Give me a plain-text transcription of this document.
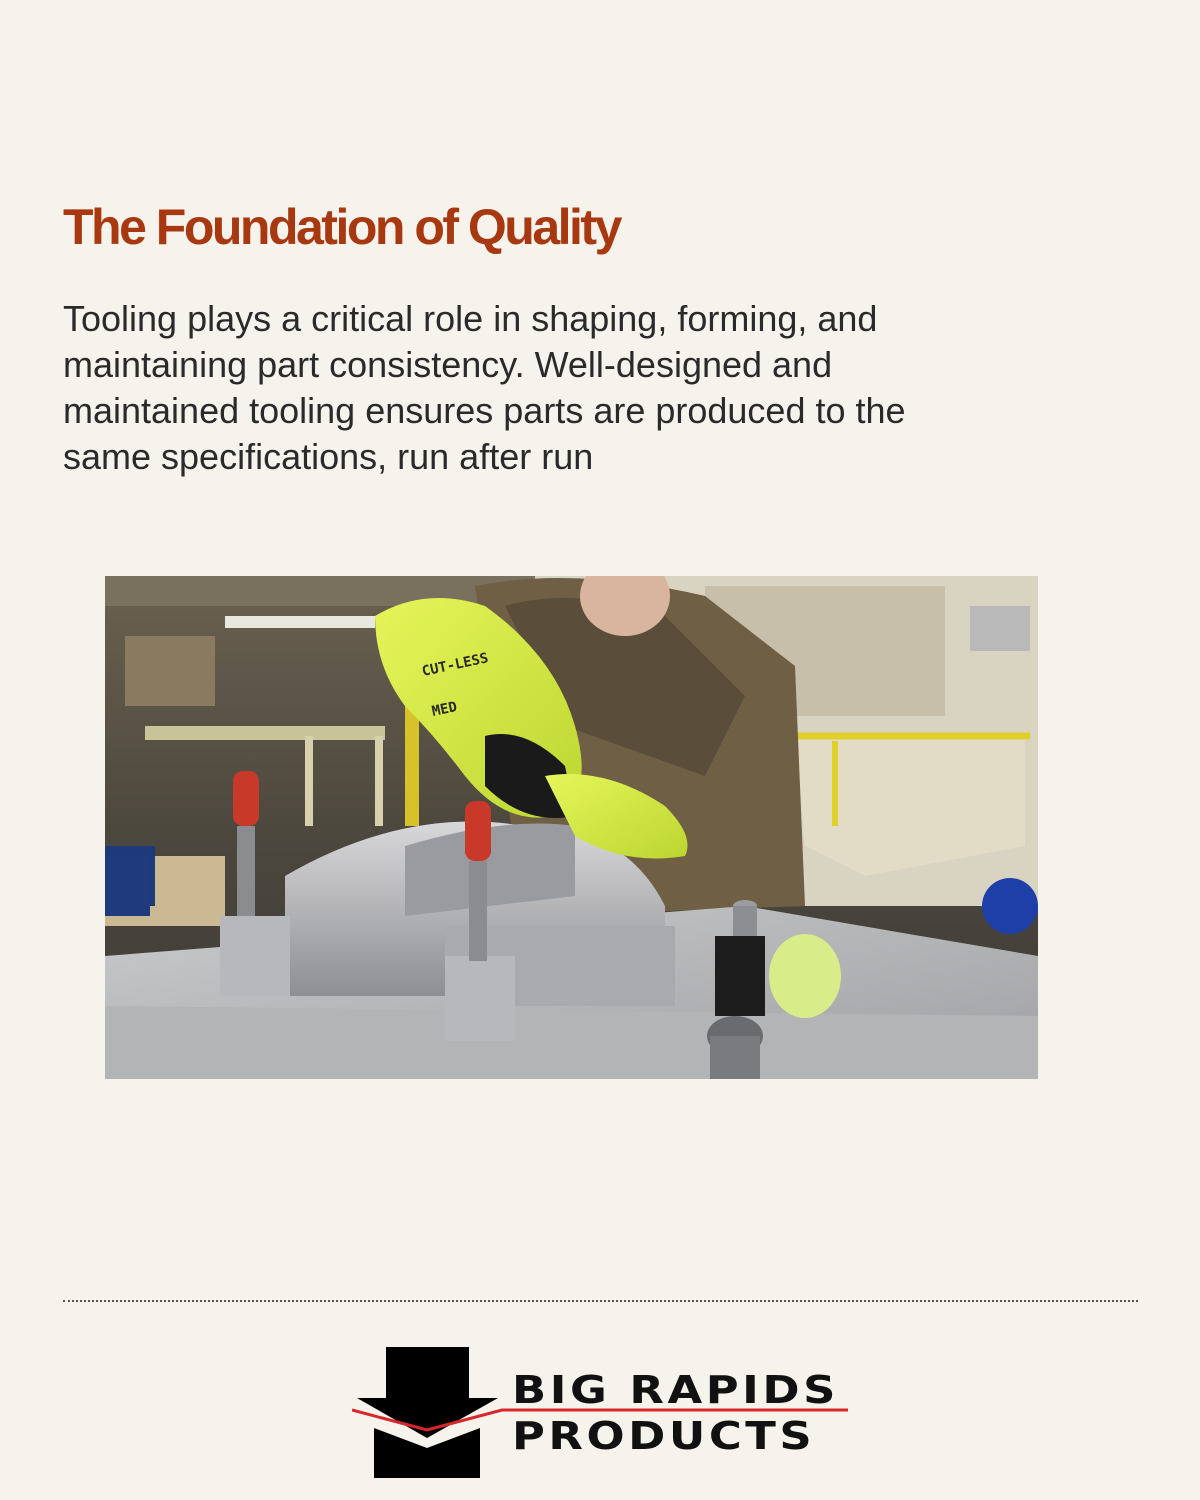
The Foundation of Quality

Tooling plays a critical role in shaping, forming, and maintaining part consistency. Well-designed and maintained tooling ensures parts are produced to the same specifications, run after run

CUT-LESS
MED
BIG RAPIDS
PRODUCTS
